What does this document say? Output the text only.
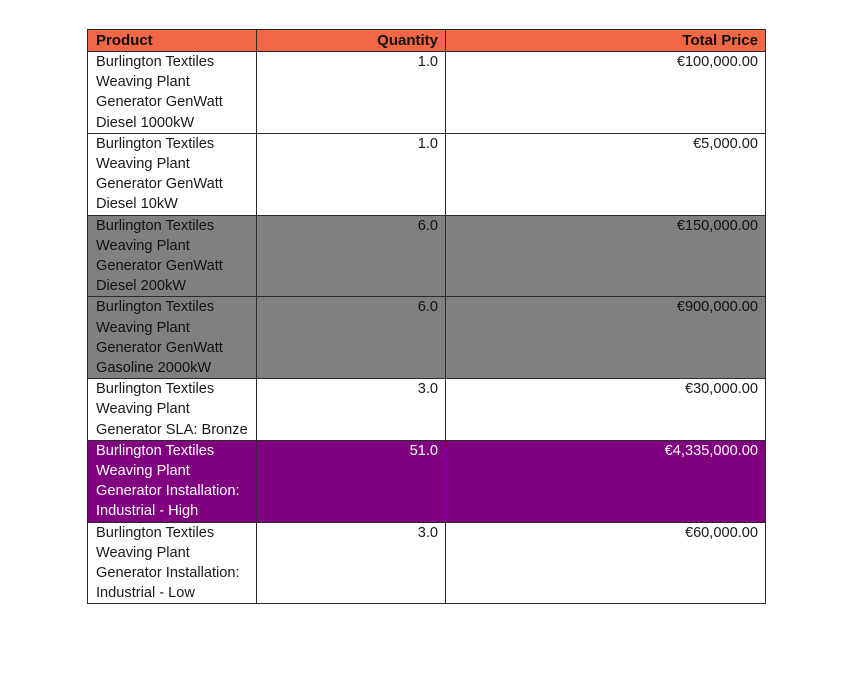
Product	Quantity	Total Price
Burlington Textiles Weaving Plant Generator GenWatt Diesel 1000kW	1.0	€100,000.00
Burlington Textiles Weaving Plant Generator GenWatt Diesel 10kW	1.0	€5,000.00
Burlington Textiles Weaving Plant Generator GenWatt Diesel 200kW	6.0	€150,000.00
Burlington Textiles Weaving Plant Generator GenWatt Gasoline 2000kW	6.0	€900,000.00
Burlington Textiles Weaving Plant Generator SLA: Bronze	3.0	€30,000.00
Burlington Textiles Weaving Plant Generator Installation: Industrial - High	51.0	€4,335,000.00
Burlington Textiles Weaving Plant Generator Installation: Industrial - Low	3.0	€60,000.00
